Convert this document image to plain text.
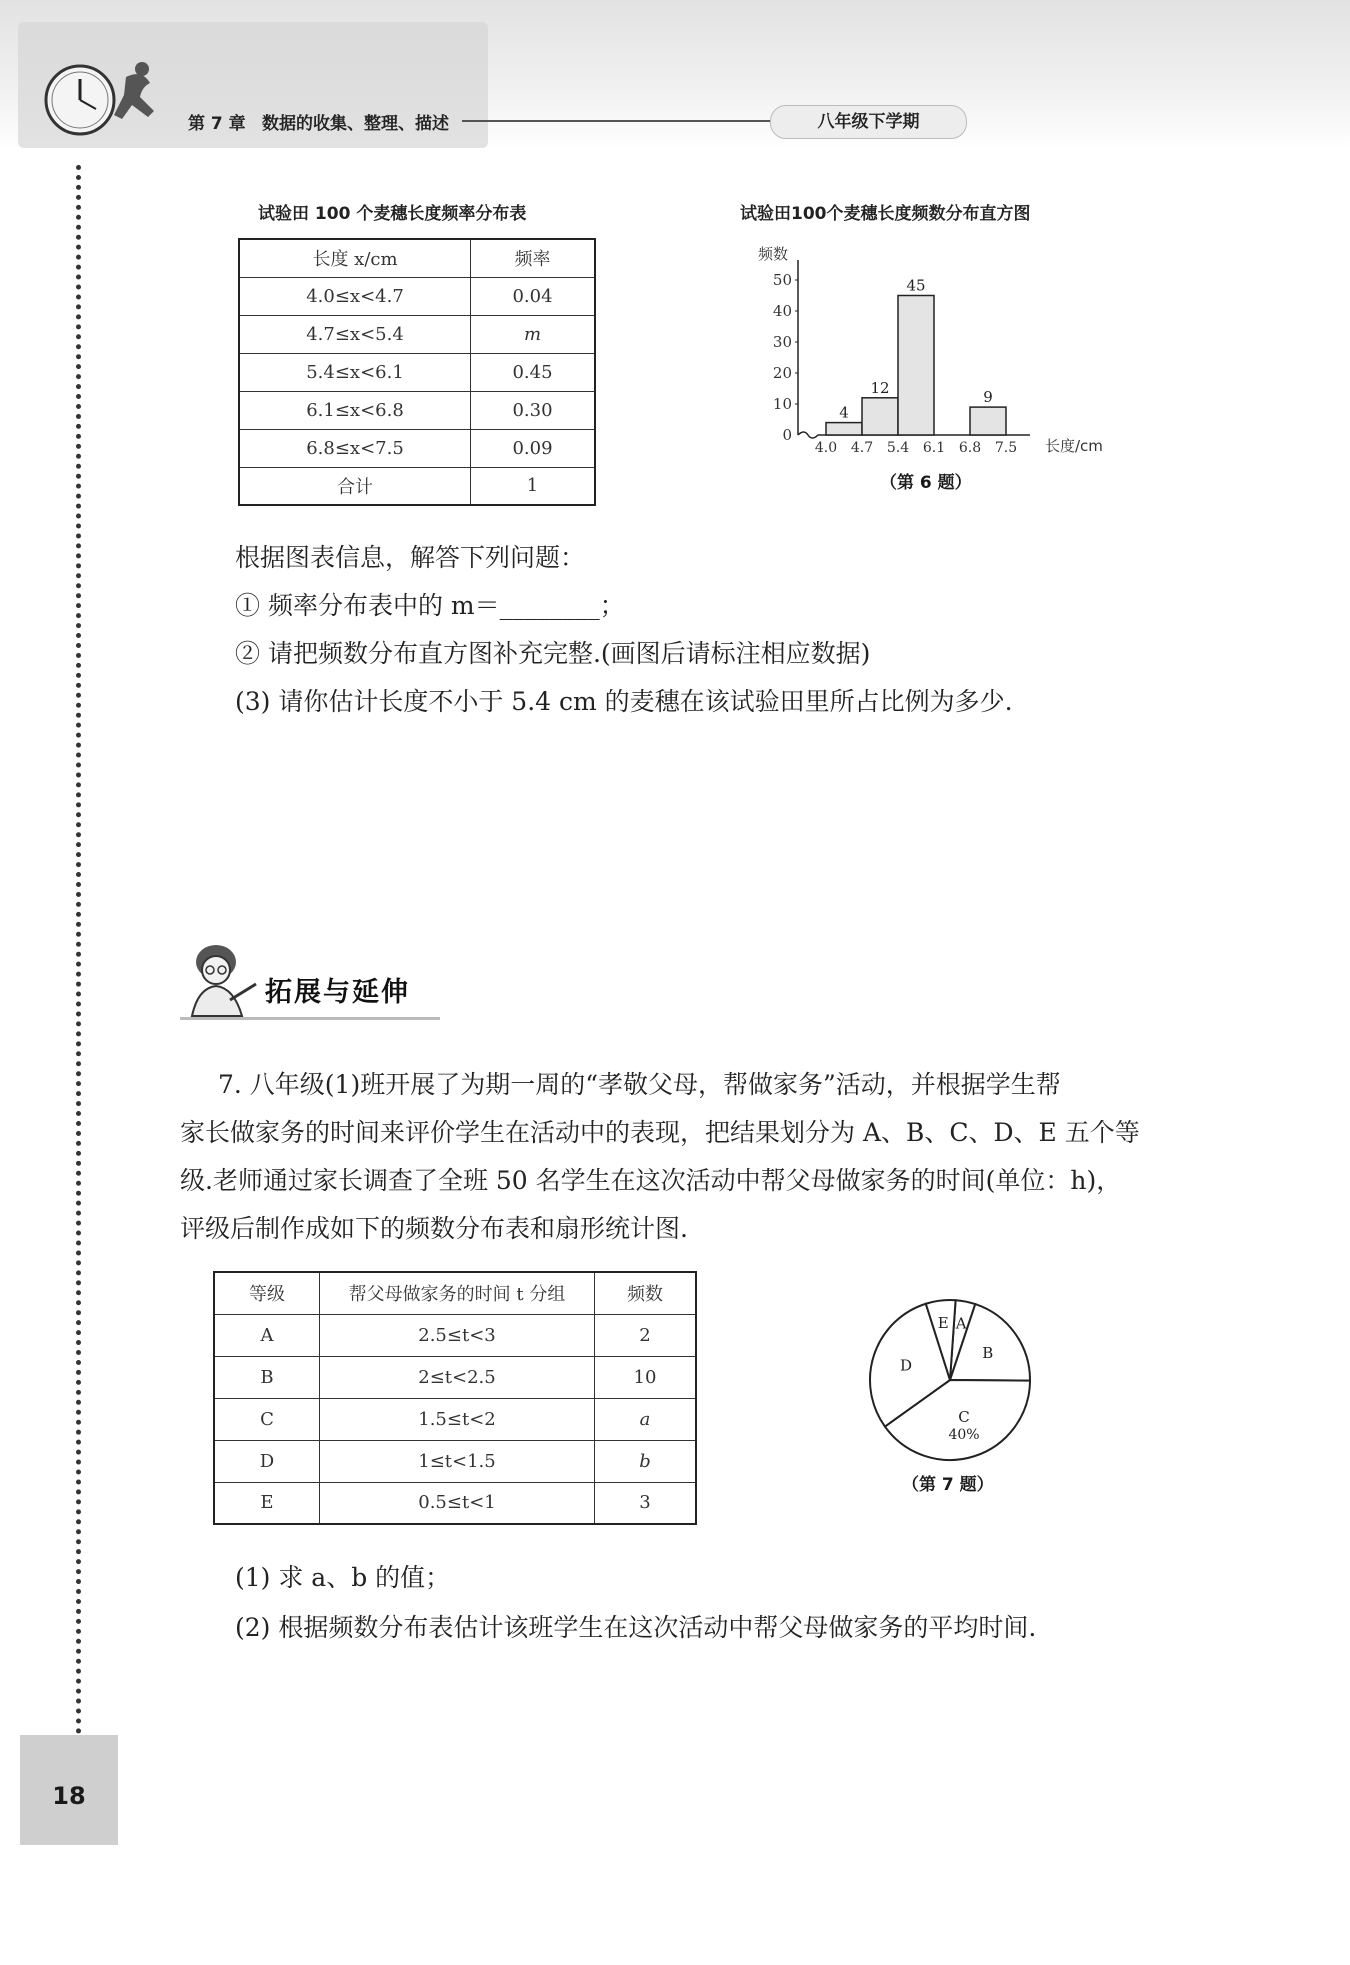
第 7 章 数据的收集、整理、描述	八年级下学期
试验田 100 个麦穗长度频率分布表
长度 x/cm	频率
4.0≤x<4.7	0.04
4.7≤x<5.4	m
5.4≤x<6.1	0.45
6.1≤x<6.8	0.30
6.8≤x<7.5	0.09
合计	1
试验田100个麦穗长度频数分布直方图
频数
长度/cm
0
10
20
30
40
50
4.0 4.7 5.4 6.1 6.8 7.5
4
12
45
9
（第 6 题）
根据图表信息，解答下列问题：
① 频率分布表中的 m＝________；
② 请把频数分布直方图补充完整.(画图后请标注相应数据)
(3) 请你估计长度不小于 5.4 cm 的麦穗在该试验田里所占比例为多少.
拓展与延伸
7. 八年级(1)班开展了为期一周的“孝敬父母，帮做家务”活动，并根据学生帮
家长做家务的时间来评价学生在活动中的表现，把结果划分为 A、B、C、D、E 五个等
级.老师通过家长调查了全班 50 名学生在这次活动中帮父母做家务的时间(单位：h)，
评级后制作成如下的频数分布表和扇形统计图.
等级	帮父母做家务的时间 t 分组	频数
A	2.5≤t<3	2
B	2≤t<2.5	10
C	1.5≤t<2	a
D	1≤t<1.5	b
E	0.5≤t<1	3
A
B
C
40%
D
E
（第 7 题）
(1) 求 a、b 的值；
(2) 根据频数分布表估计该班学生在这次活动中帮父母做家务的平均时间.
18
